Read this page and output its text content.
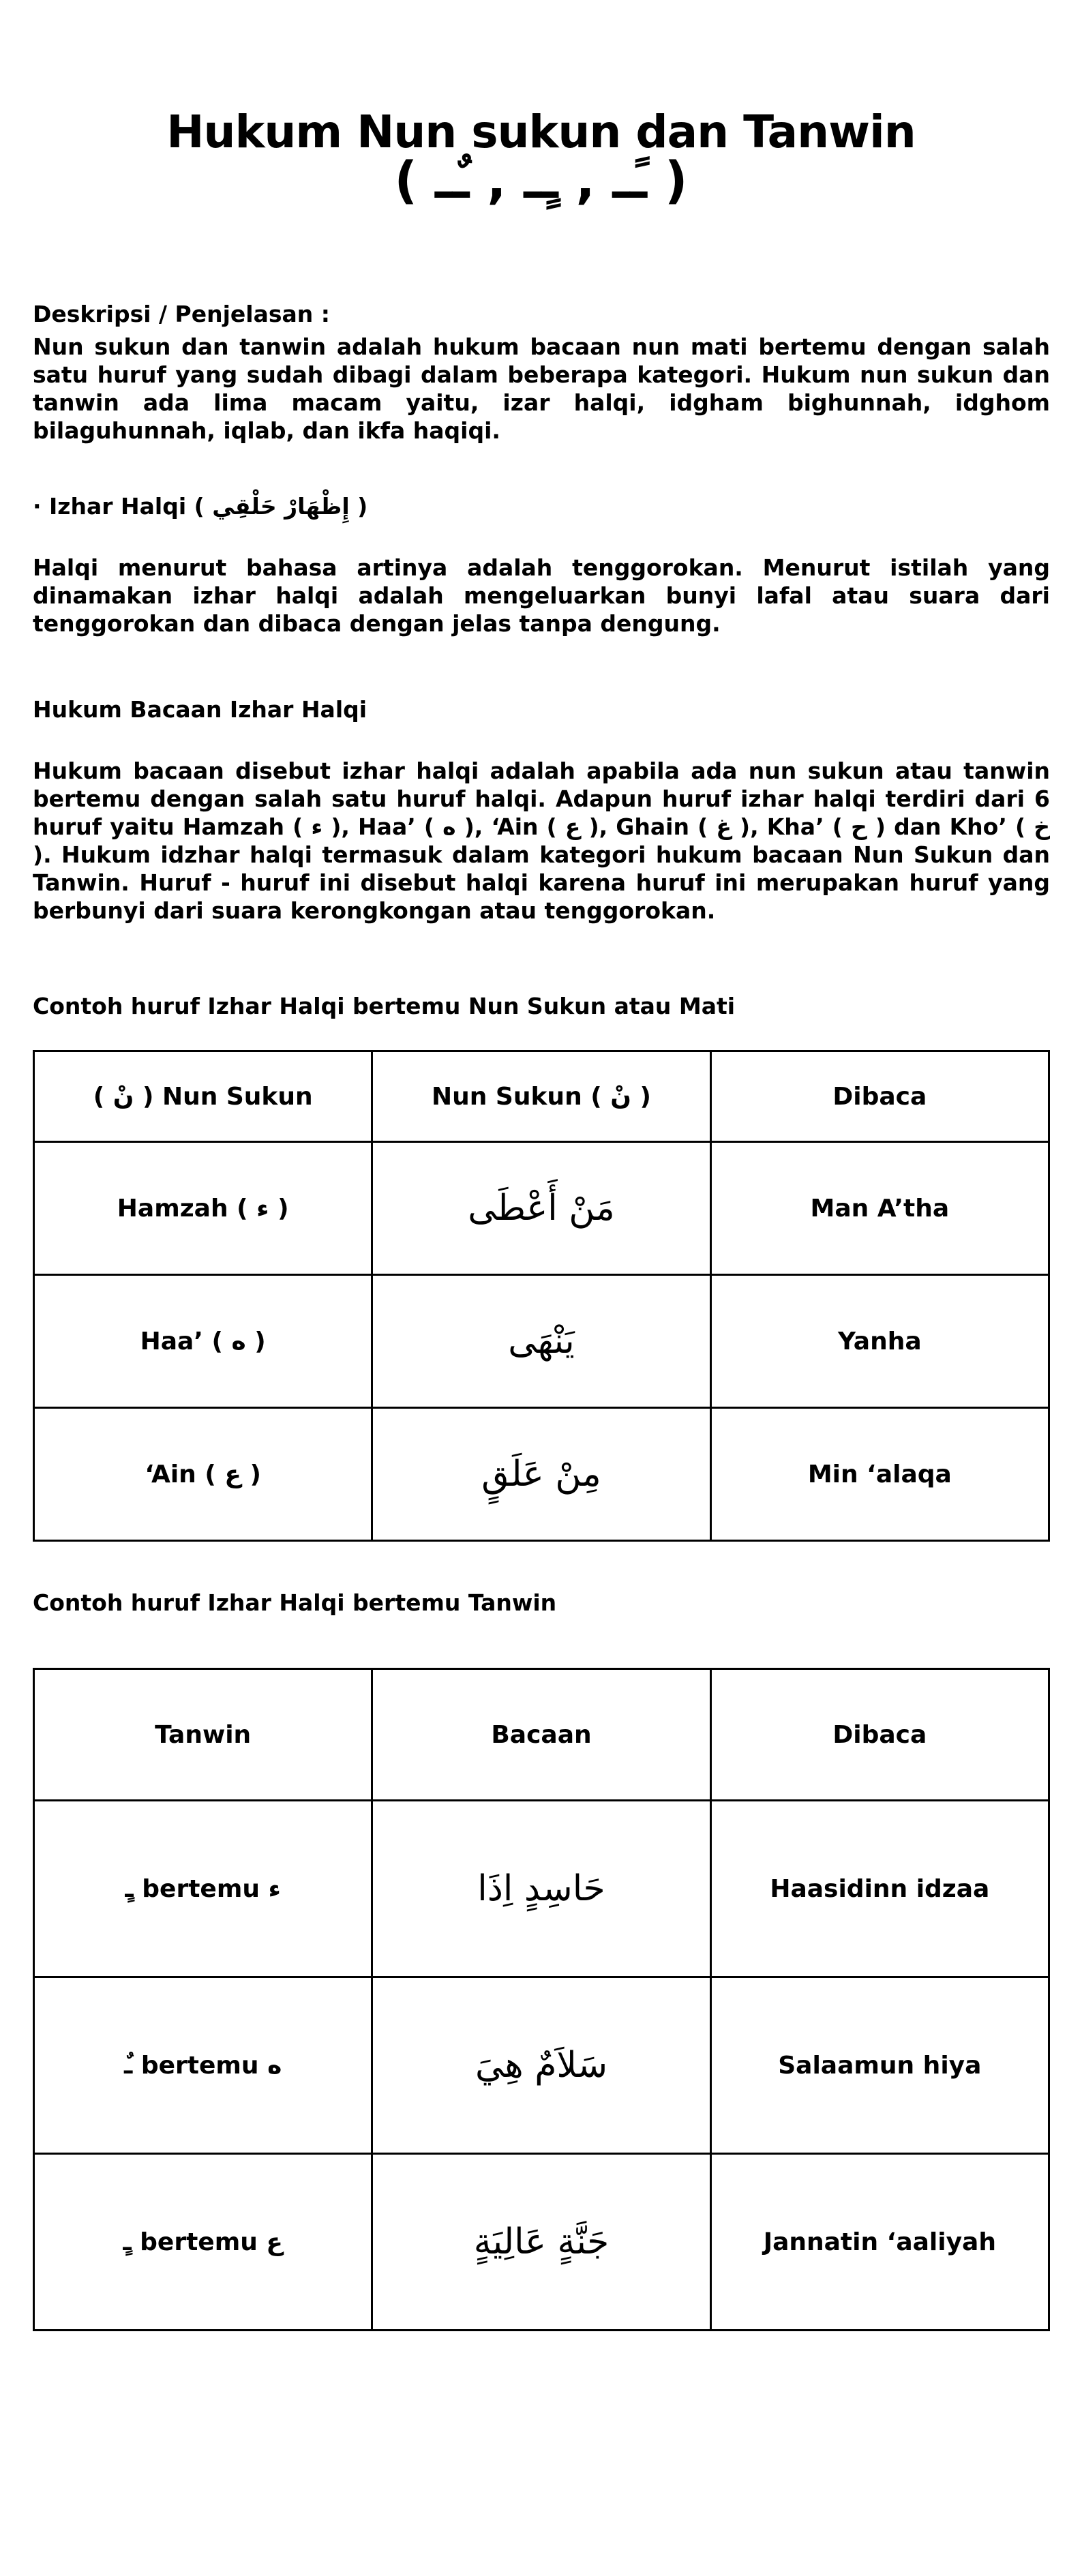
Hukum Nun sukun dan Tanwin
( ـًـ , ـٍـ , ـٌـ )
Deskripsi / Penjelasan :
Nun sukun dan tanwin adalah hukum bacaan nun mati bertemu dengan salah satu huruf yang sudah dibagi dalam beberapa kategori. Hukum nun sukun dan tanwin ada lima macam yaitu, izar halqi, idgham bighunnah, idghom bilaguhunnah, iqlab, dan ikfa haqiqi.
· Izhar Halqi ( إِظْهَارْ حَلْقِي )
Halqi menurut bahasa artinya adalah tenggorokan. Menurut istilah yang dinamakan izhar halqi adalah mengeluarkan bunyi lafal atau suara dari tenggorokan dan dibaca dengan jelas tanpa dengung.
Hukum Bacaan Izhar Halqi
Hukum bacaan disebut izhar halqi adalah apabila ada nun sukun atau tanwin bertemu dengan salah satu huruf halqi. Adapun huruf izhar halqi terdiri dari 6 huruf yaitu Hamzah ( ء ), Haa’ ( ه ), ‘Ain ( ع ), Ghain ( غ ), Kha’ ( ح ) dan Kho’ ( خ ). Hukum idzhar halqi termasuk dalam kategori hukum bacaan Nun Sukun dan Tanwin. Huruf - huruf ini disebut halqi karena huruf ini merupakan huruf yang berbunyi dari suara kerongkongan atau tenggorokan.
Contoh huruf Izhar Halqi bertemu Nun Sukun atau Mati
( نْ ) Nun Sukun	Nun Sukun ( نْ )	Dibaca
Hamzah ( ء )	مَنْ أَعْطَى	Man A’tha
Haa’ ( ه )	يَنْهَى	Yanha
‘Ain ( ع )	مِنْ عَلَقٍ	Min ‘alaqa
Contoh huruf Izhar Halqi bertemu Tanwin
Tanwin	Bacaan	Dibaca
ٍـ bertemu ء	حَاسِدٍ اِذَا	Haasidinn idzaa
ٌـ bertemu ه	سَلاَمٌ هِيَ	Salaamun hiya
ٍـ bertemu ع	جَنَّةٍ عَالِيَةٍ	Jannatin ‘aaliyah
